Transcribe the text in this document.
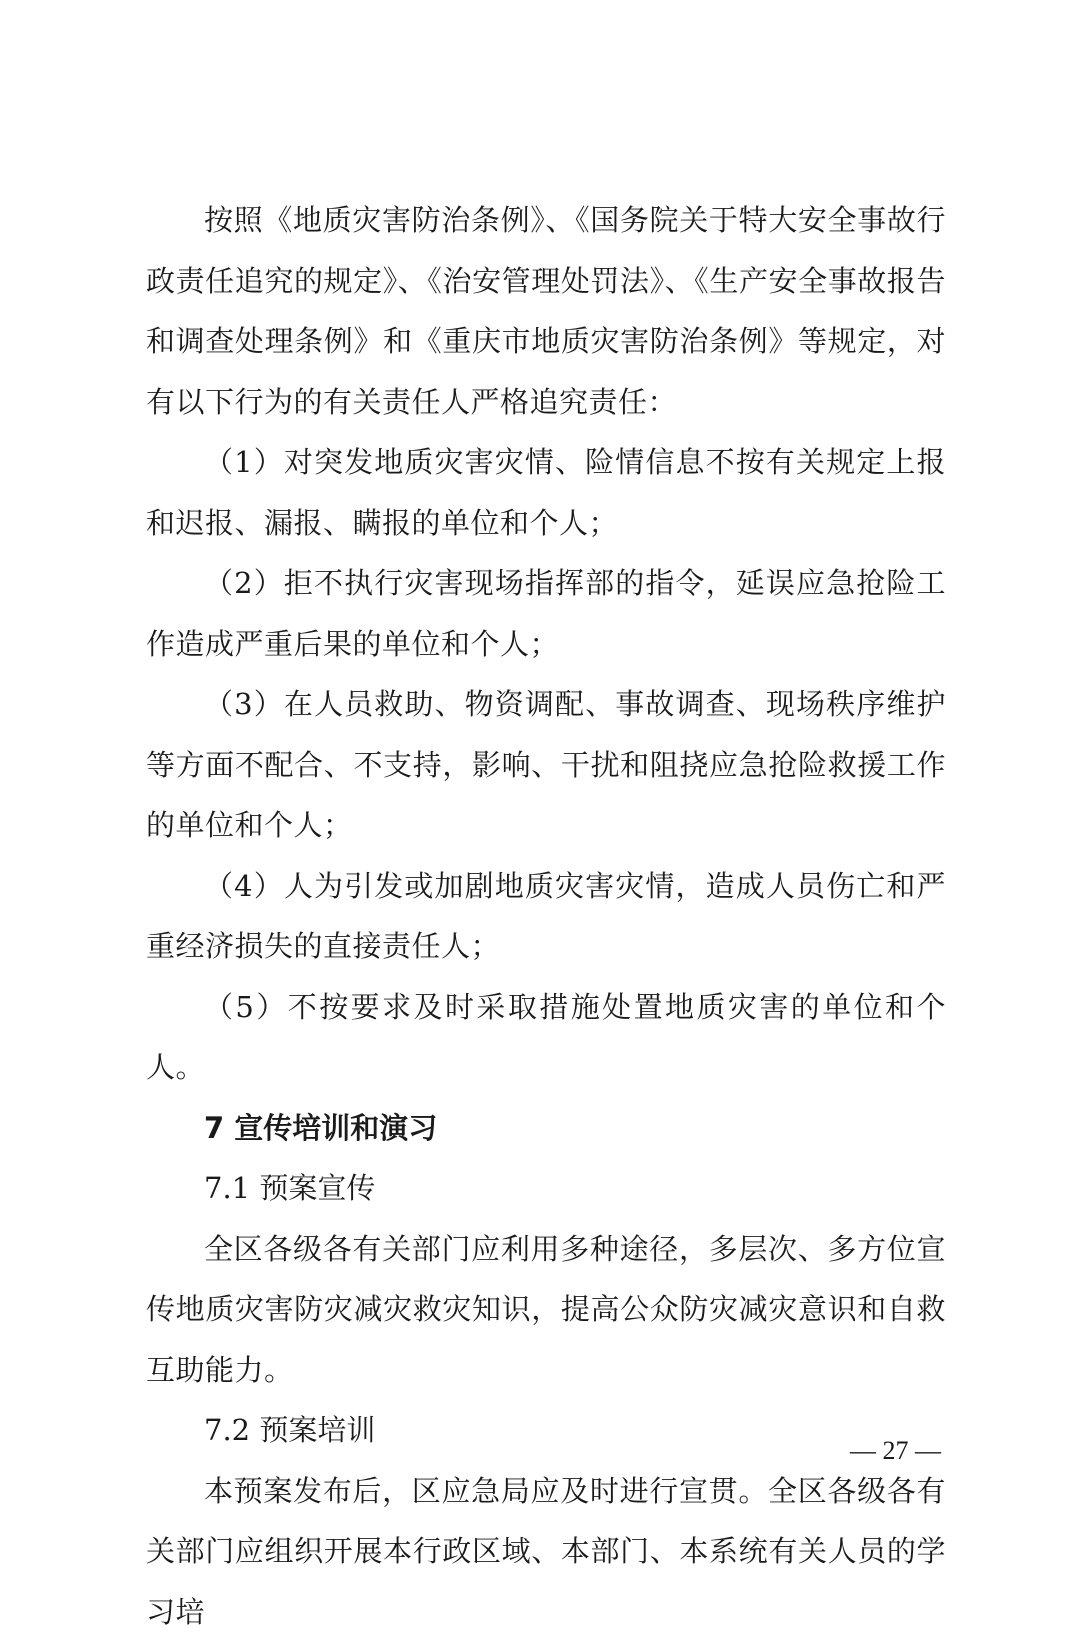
按照《地质灾害防治条例》、《国务院关于特大安全事故行政责任追究的规定》、《治安管理处罚法》、《生产安全事故报告和调查处理条例》和《重庆市地质灾害防治条例》等规定，对有以下行为的有关责任人严格追究责任：

（1）对突发地质灾害灾情、险情信息不按有关规定上报和迟报、漏报、瞒报的单位和个人；

（2）拒不执行灾害现场指挥部的指令，延误应急抢险工作造成严重后果的单位和个人；

（3）在人员救助、物资调配、事故调查、现场秩序维护等方面不配合、不支持，影响、干扰和阻挠应急抢险救援工作的单位和个人；

（4）人为引发或加剧地质灾害灾情，造成人员伤亡和严重经济损失的直接责任人；

（5）不按要求及时采取措施处置地质灾害的单位和个人。

7 宣传培训和演习

7.1 预案宣传

全区各级各有关部门应利用多种途径，多层次、多方位宣传地质灾害防灾减灾救灾知识，提高公众防灾减灾意识和自救互助能力。

7.2 预案培训

本预案发布后，区应急局应及时进行宣贯。全区各级各有关部门应组织开展本行政区域、本部门、本系统有关人员的学习培

— 27 —
